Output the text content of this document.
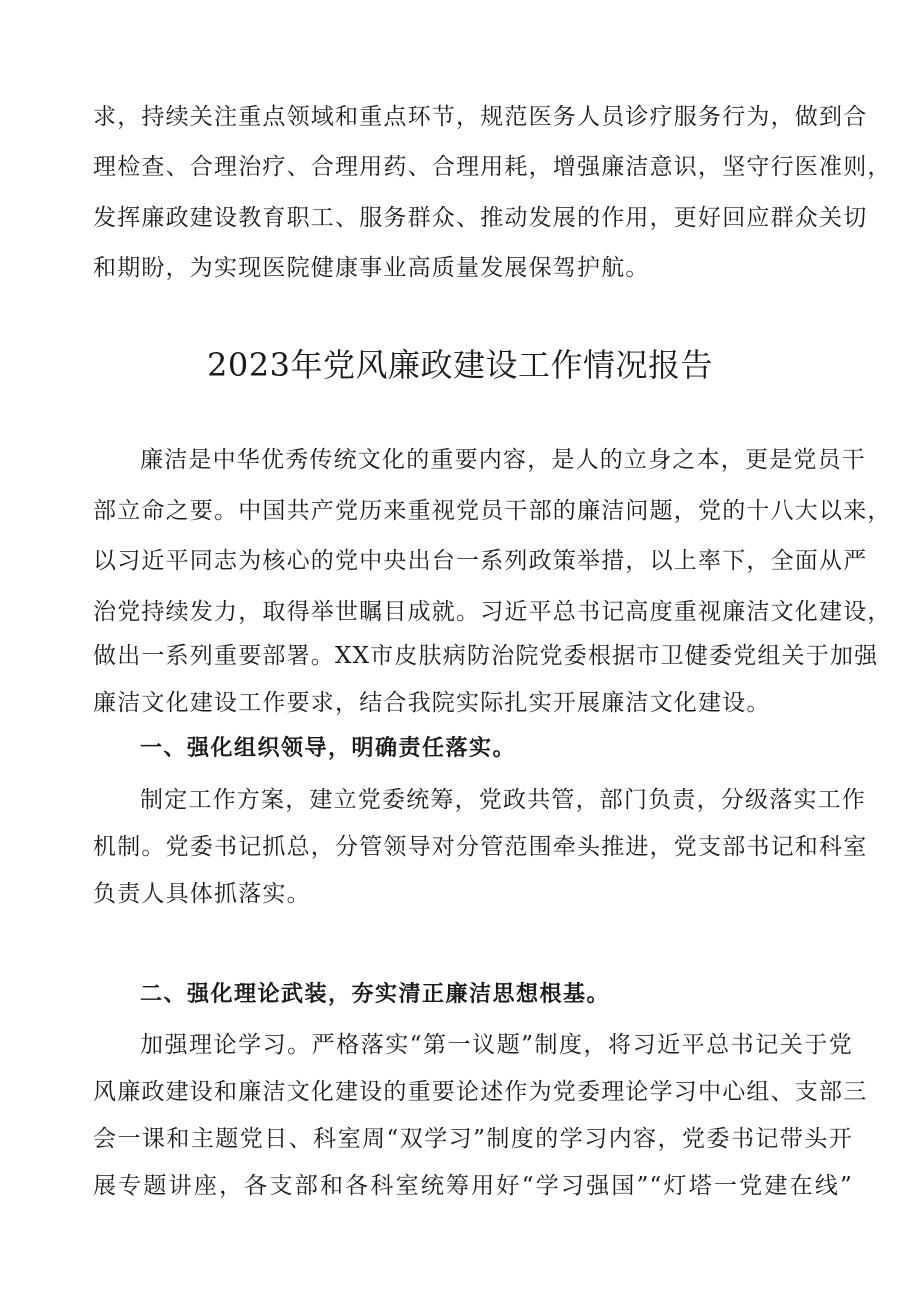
求，持续关注重点领域和重点环节，规范医务人员诊疗服务行为，做到合
理检查、合理治疗、合理用药、合理用耗，增强廉洁意识，坚守行医准则，
发挥廉政建设教育职工、服务群众、推动发展的作用，更好回应群众关切
和期盼，为实现医院健康事业高质量发展保驾护航。
2023年党风廉政建设工作情况报告
廉洁是中华优秀传统文化的重要内容，是人的立身之本，更是党员干
部立命之要。中国共产党历来重视党员干部的廉洁问题，党的十八大以来，
以习近平同志为核心的党中央出台一系列政策举措，以上率下，全面从严
治党持续发力，取得举世瞩目成就。习近平总书记高度重视廉洁文化建设，
做出一系列重要部署。XX市皮肤病防治院党委根据市卫健委党组关于加强
廉洁文化建设工作要求，结合我院实际扎实开展廉洁文化建设。
一、强化组织领导，明确责任落实。
制定工作方案，建立党委统筹，党政共管，部门负责，分级落实工作
机制。党委书记抓总，分管领导对分管范围牵头推进，党支部书记和科室
负责人具体抓落实。
二、强化理论武装，夯实清正廉洁思想根基。
加强理论学习。严格落实“第一议题”制度，将习近平总书记关于党
风廉政建设和廉洁文化建设的重要论述作为党委理论学习中心组、支部三
会一课和主题党日、科室周“双学习”制度的学习内容，党委书记带头开
展专题讲座，各支部和各科室统筹用好“学习强国”“灯塔一党建在线”
